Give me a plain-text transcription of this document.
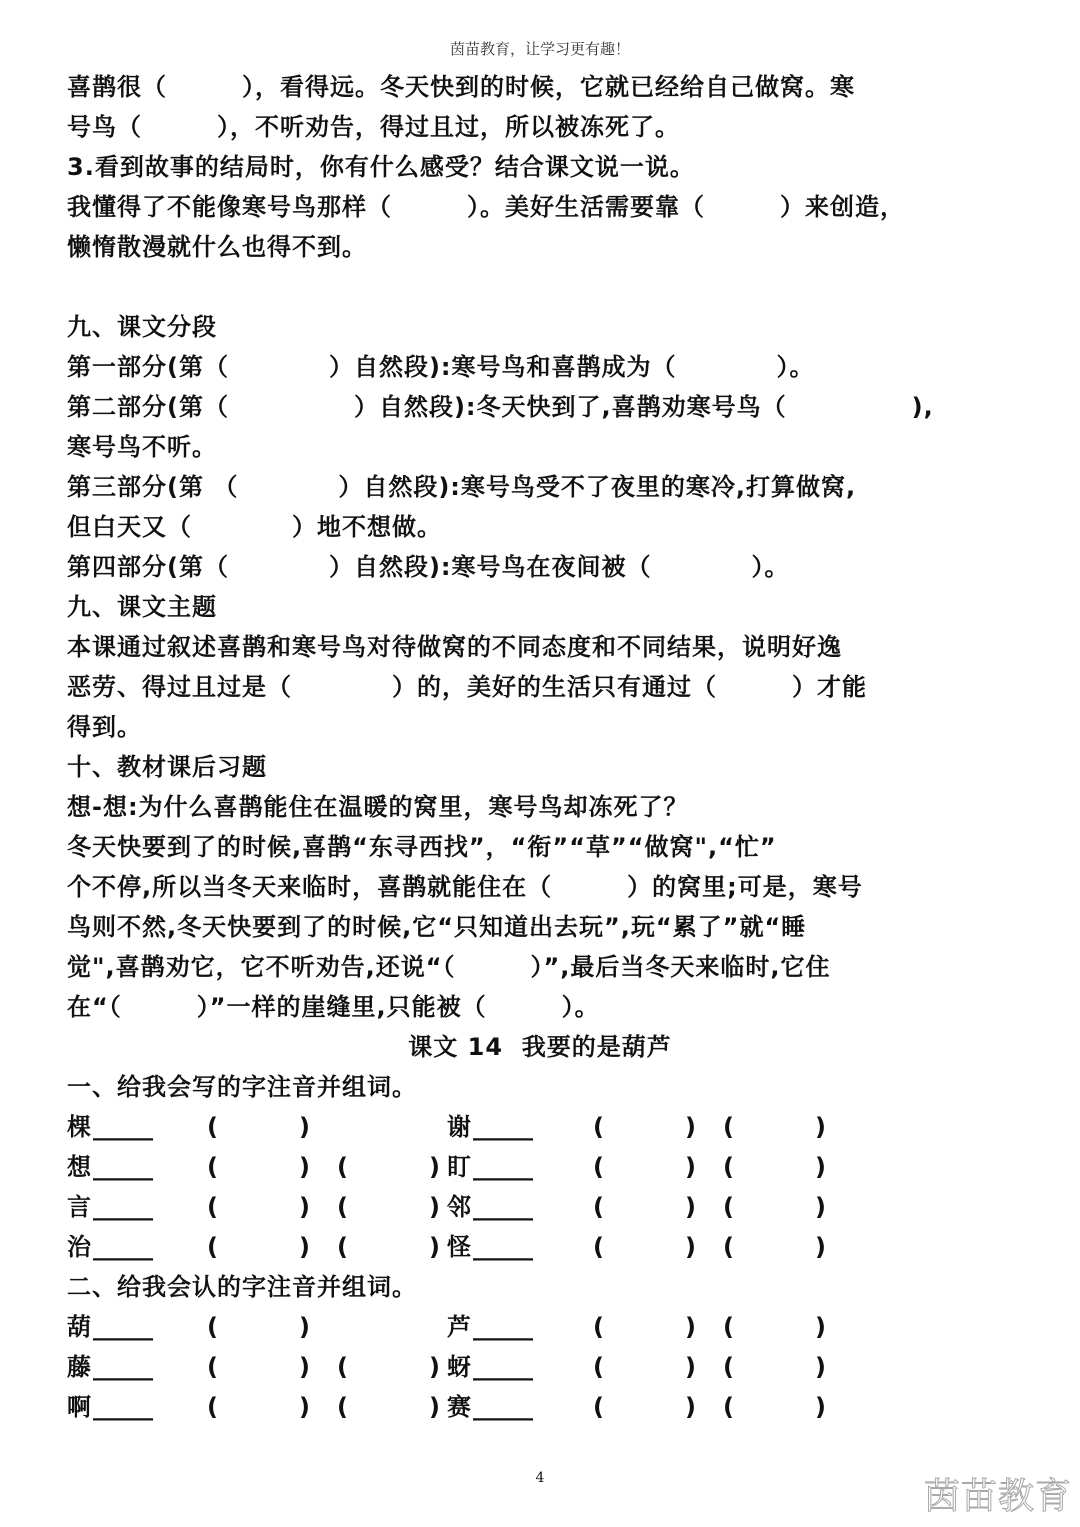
茵苗教育，让学习更有趣！
喜鹊很（　　　），看得远。冬天快到的时候，它就已经给自己做窝。寒
号鸟（　　　），不听劝告，得过且过，所以被冻死了。
3.看到故事的结局时，你有什么感受？结合课文说一说。
我懂得了不能像寒号鸟那样（　　　）。美好生活需要靠（　　　）来创造，
懒惰散漫就什么也得不到。
九、课文分段
第一部分(第（　　　　）自然段):寒号鸟和喜鹊成为（　　　　）。
第二部分(第（　　　　　）自然段):冬天快到了,喜鹊劝寒号鸟（　　　　　),
寒号鸟不听。
第三部分(第 （　　　　）自然段):寒号鸟受不了夜里的寒冷,打算做窝,
但白天又（　　　　）地不想做。
第四部分(第（　　　　）自然段):寒号鸟在夜间被（　　　　）。
九、课文主题
本课通过叙述喜鹊和寒号鸟对待做窝的不同态度和不同结果，说明好逸
恶劳、得过且过是（　　　　）的，美好的生活只有通过（　　　）才能
得到。
十、教材课后习题
想-想:为什么喜鹊能住在温暖的窝里，寒号鸟却冻死了？
冬天快要到了的时候,喜鹊“东寻西找”，“衔”“草”“做窝",“忙”
个不停,所以当冬天来临时，喜鹊就能住在（　　　）的窝里;可是，寒号
鸟则不然,冬天快要到了的时候,它“只知道出去玩”,玩“累了”就“睡
觉",喜鹊劝它，它不听劝告,还说“（　　　）”,最后当冬天来临时,它住
在“（　　　）”一样的崖缝里,只能被（　　　）。
课文 14  我要的是葫芦
一、给我会写的字注音并组词。
棵 _____ (	)	谢 _____	(	) (	)
想 _____ (	) (	) 盯 _____	(	) (	)
言 _____ (	) (	) 邻 _____	(	) (	)
治 _____ (	) (	) 怪 _____	(	) (	)
二、给我会认的字注音并组词。
葫 _____ (	)	芦 _____	(	) (	)
藤 _____ (	) (	) 蚜 _____	(	) (	)
啊 _____ (	) (	) 赛 _____	(	) (	)
4	茵苗教育
